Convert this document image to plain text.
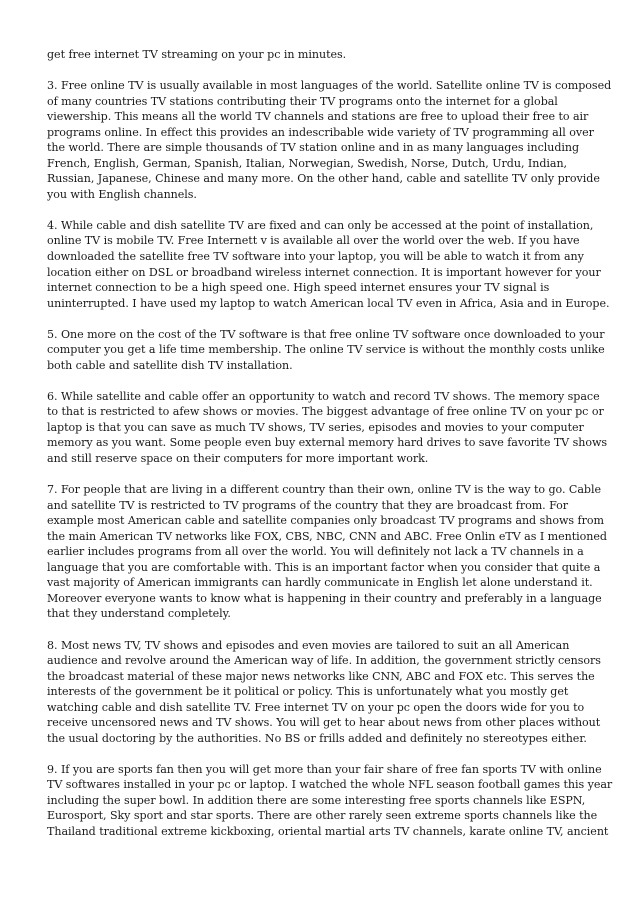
get free internet TV streaming on your pc in minutes.

3. Free online TV is usually available in most languages of the world. Satellite online TV is composed
of many countries TV stations contributing their TV programs onto the internet for a global
viewership. This means all the world TV channels and stations are free to upload their free to air
programs online. In effect this provides an indescribable wide variety of TV programming all over
the world. There are simple thousands of TV station online and in as many languages including
French, English, German, Spanish, Italian, Norwegian, Swedish, Norse, Dutch, Urdu, Indian,
Russian, Japanese, Chinese and many more. On the other hand, cable and satellite TV only provide
you with English channels.

4. While cable and dish satellite TV are fixed and can only be accessed at the point of installation,
online TV is mobile TV. Free Internett v is available all over the world over the web. If you have
downloaded the satellite free TV software into your laptop, you will be able to watch it from any
location either on DSL or broadband wireless internet connection. It is important however for your
internet connection to be a high speed one. High speed internet ensures your TV signal is
uninterrupted. I have used my laptop to watch American local TV even in Africa, Asia and in Europe.

5. One more on the cost of the TV software is that free online TV software once downloaded to your
computer you get a life time membership. The online TV service is without the monthly costs unlike
both cable and satellite dish TV installation.

6. While satellite and cable offer an opportunity to watch and record TV shows. The memory space
to that is restricted to afew shows or movies. The biggest advantage of free online TV on your pc or
laptop is that you can save as much TV shows, TV series, episodes and movies to your computer
memory as you want. Some people even buy external memory hard drives to save favorite TV shows
and still reserve space on their computers for more important work.

7. For people that are living in a different country than their own, online TV is the way to go. Cable
and satellite TV is restricted to TV programs of the country that they are broadcast from. For
example most American cable and satellite companies only broadcast TV programs and shows from
the main American TV networks like FOX, CBS, NBC, CNN and ABC. Free Onlin eTV as I mentioned
earlier includes programs from all over the world. You will definitely not lack a TV channels in a
language that you are comfortable with. This is an important factor when you consider that quite a
vast majority of American immigrants can hardly communicate in English let alone understand it.
Moreover everyone wants to know what is happening in their country and preferably in a language
that they understand completely.

8. Most news TV, TV shows and episodes and even movies are tailored to suit an all American
audience and revolve around the American way of life. In addition, the government strictly censors
the broadcast material of these major news networks like CNN, ABC and FOX etc. This serves the
interests of the government be it political or policy. This is unfortunately what you mostly get
watching cable and dish satellite TV. Free internet TV on your pc open the doors wide for you to
receive uncensored news and TV shows. You will get to hear about news from other places without
the usual doctoring by the authorities. No BS or frills added and definitely no stereotypes either.

9. If you are sports fan then you will get more than your fair share of free fan sports TV with online
TV softwares installed in your pc or laptop. I watched the whole NFL season football games this year
including the super bowl. In addition there are some interesting free sports channels like ESPN,
Eurosport, Sky sport and star sports. There are other rarely seen extreme sports channels like the
Thailand traditional extreme kickboxing, oriental martial arts TV channels, karate online TV, ancient
